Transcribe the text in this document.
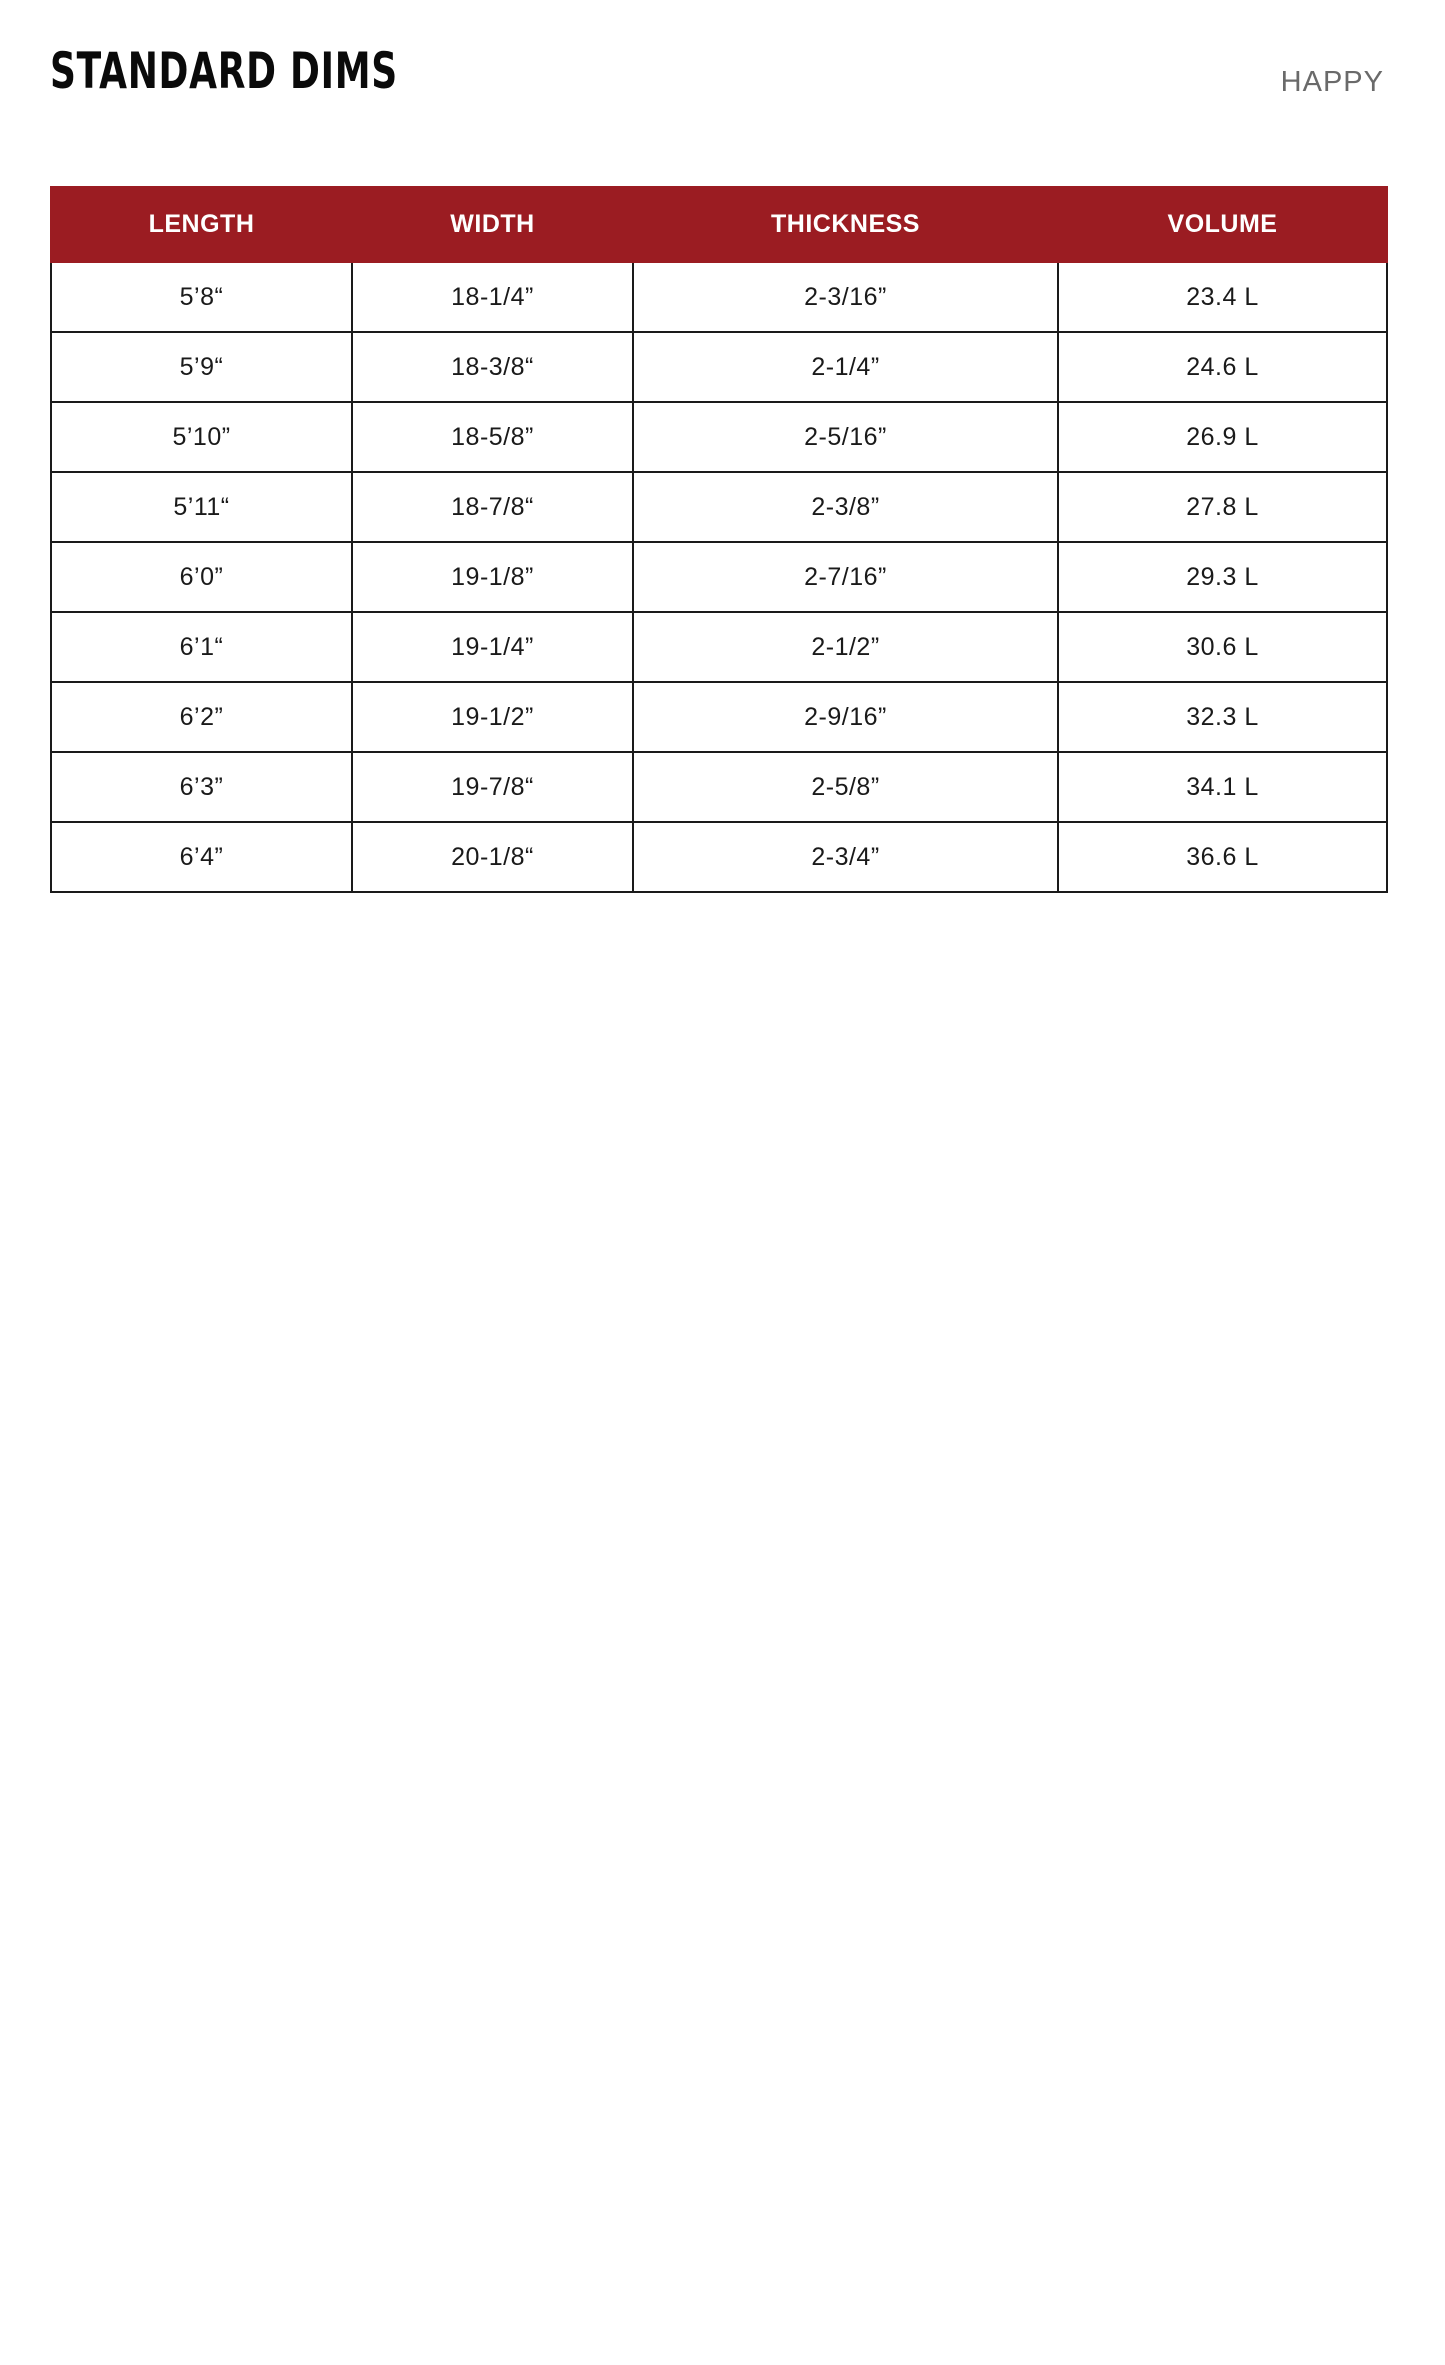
STANDARD DIMS	HAPPY
LENGTH	WIDTH	THICKNESS	VOLUME
5’8“	18-1/4”	2-3/16”	23.4 L
5’9“	18-3/8“	2-1/4”	24.6 L
5’10”	18-5/8”	2-5/16”	26.9 L
5’11“	18-7/8“	2-3/8”	27.8 L
6’0”	19-1/8”	2-7/16”	29.3 L
6’1“	19-1/4”	2-1/2”	30.6 L
6’2”	19-1/2”	2-9/16”	32.3 L
6’3”	19-7/8“	2-5/8”	34.1 L
6’4”	20-1/8“	2-3/4”	36.6 L
